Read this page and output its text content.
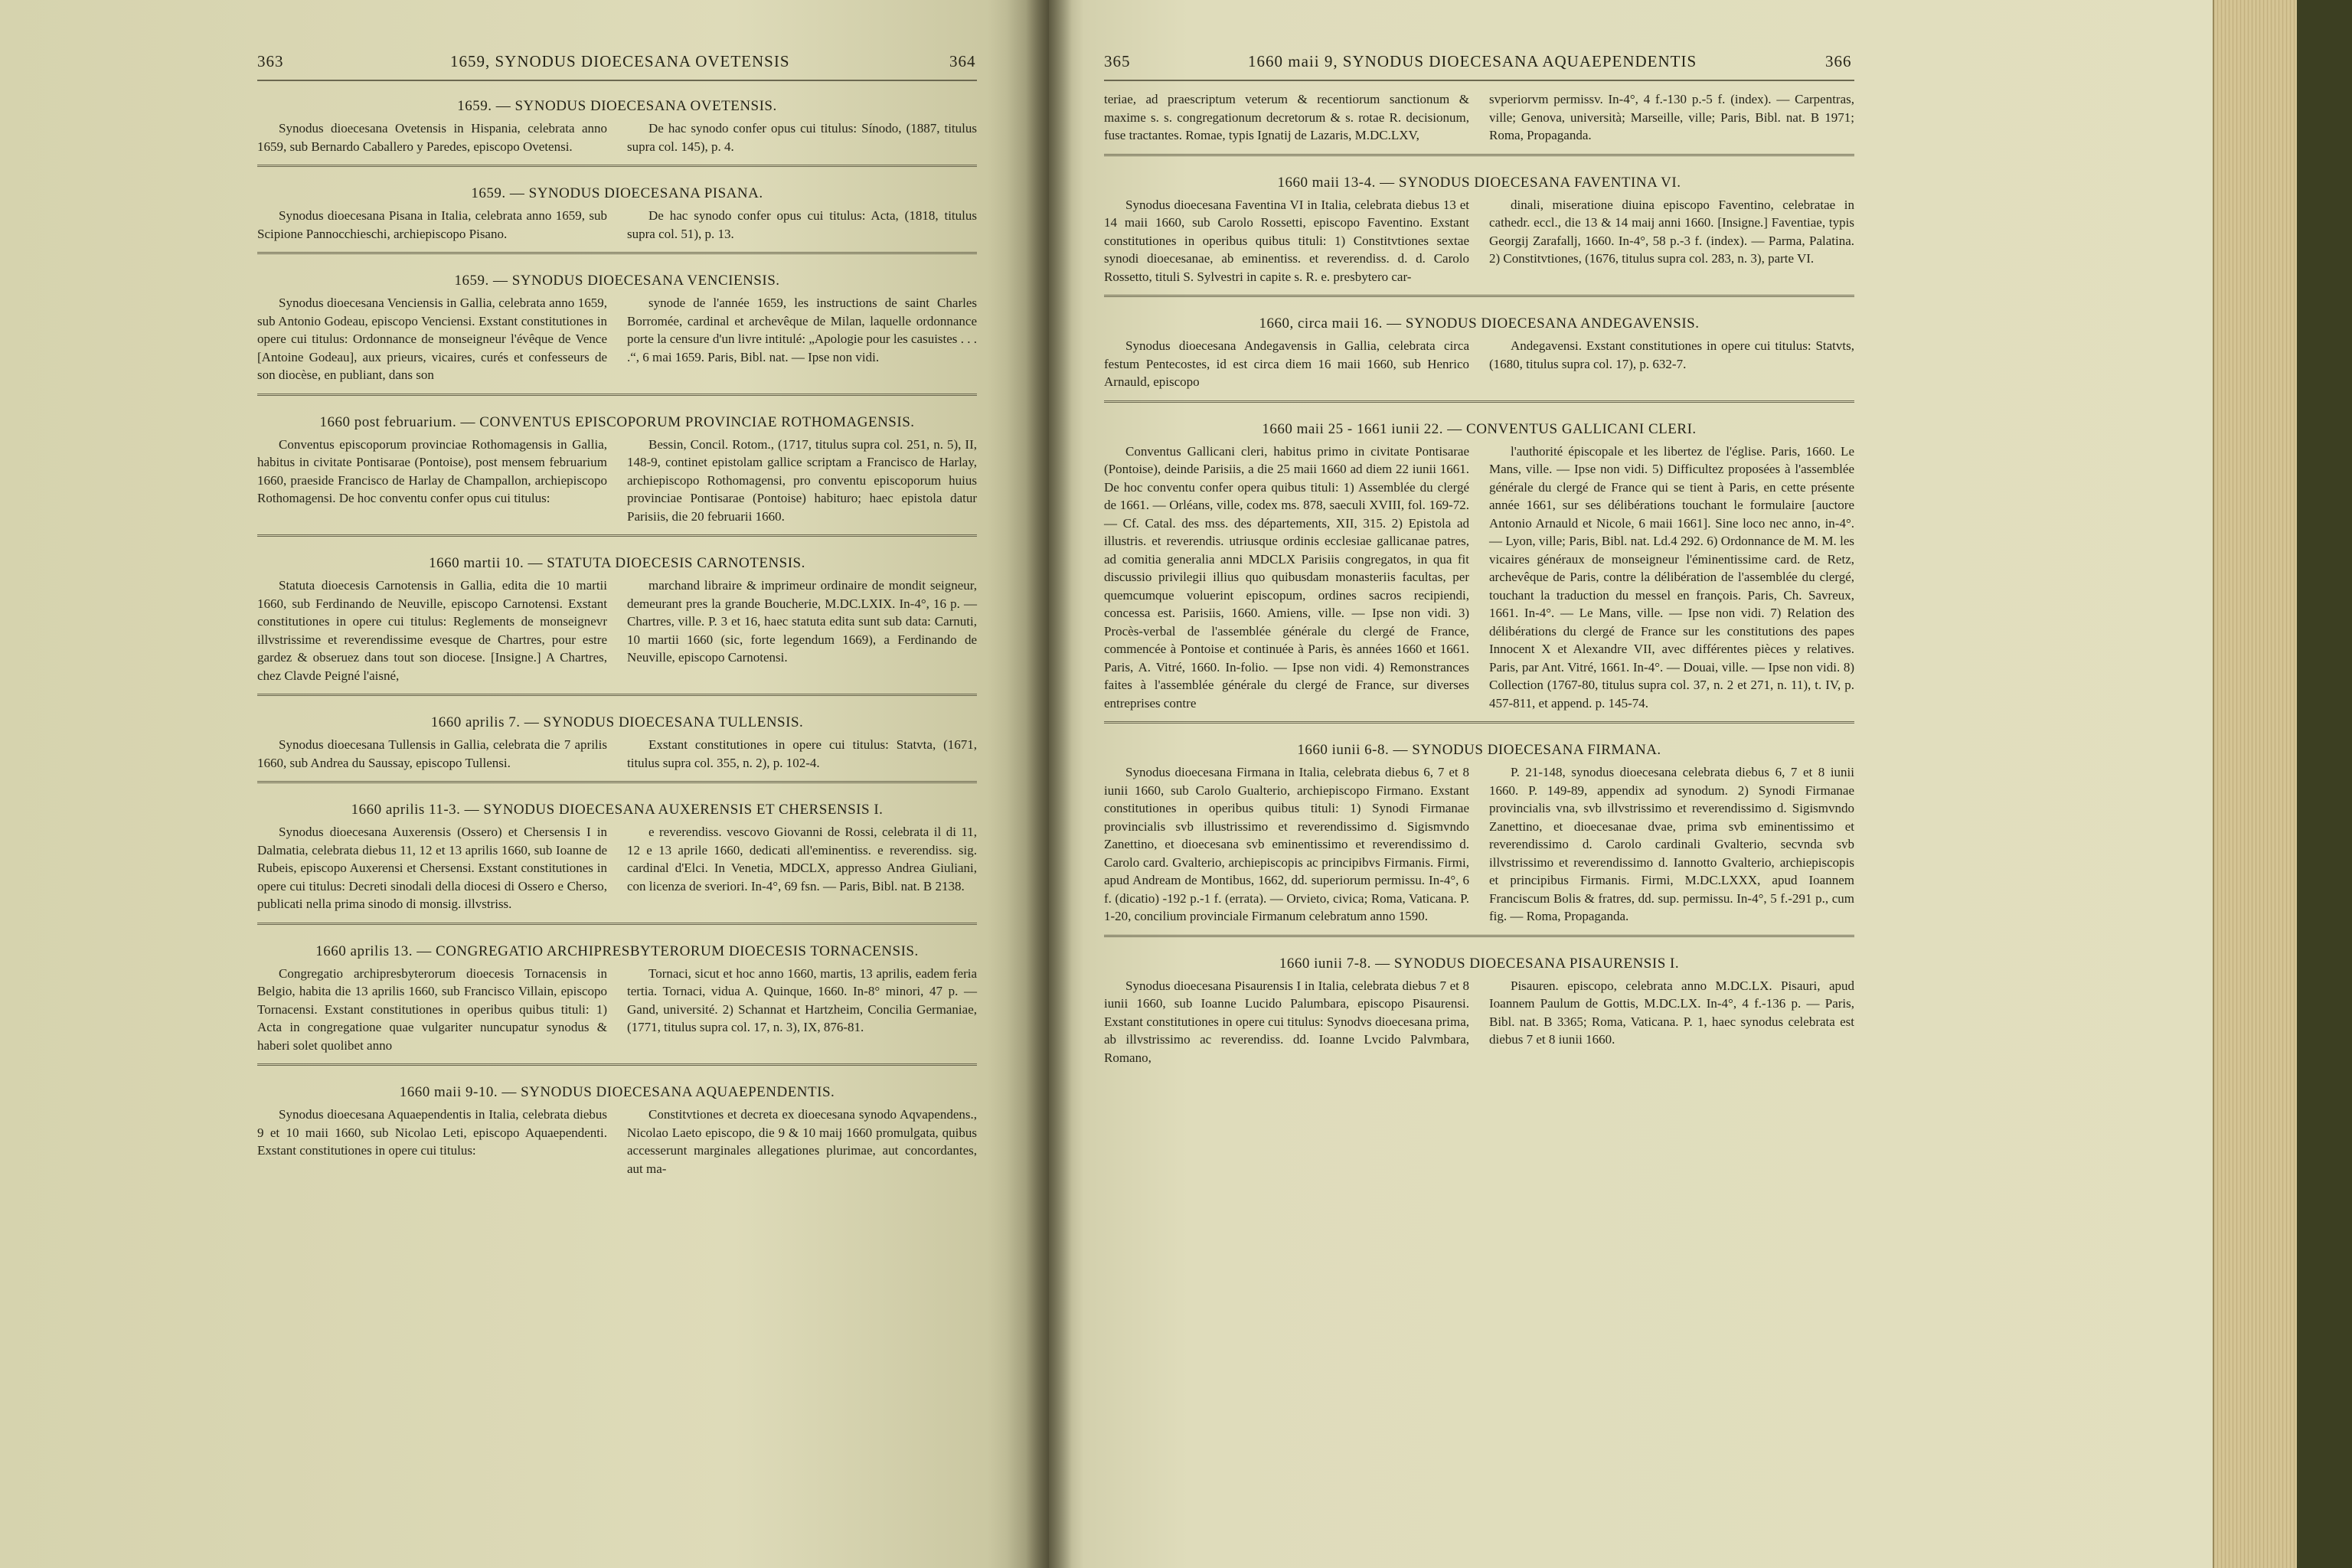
363	1659, SYNODUS DIOECESANA OVETENSIS	364
1659. — SYNODUS DIOECESANA OVETENSIS.

Synodus dioecesana Ovetensis in Hispania, celebrata anno 1659, sub Bernardo Caballero y Paredes, episcopo Ovetensi.

De hac synodo confer opus cui titulus: Sínodo, (1887, titulus supra col. 145), p. 4.

1659. — SYNODUS DIOECESANA PISANA.

Synodus dioecesana Pisana in Italia, celebrata anno 1659, sub Scipione Pannocchieschi, archiepiscopo Pisano.

De hac synodo confer opus cui titulus: Acta, (1818, titulus supra col. 51), p. 13.

1659. — SYNODUS DIOECESANA VENCIENSIS.

Synodus dioecesana Venciensis in Gallia, celebrata anno 1659, sub Antonio Godeau, episcopo Venciensi. Exstant constitutiones in opere cui titulus: Ordonnance de monseigneur l'évêque de Vence [Antoine Godeau], aux prieurs, vicaires, curés et confesseurs de son diocèse, en publiant, dans son

synode de l'année 1659, les instructions de saint Charles Borromée, cardinal et archevêque de Milan, laquelle ordonnance porte la censure d'un livre intitulé: „Apologie pour les casuistes . . . .“, 6 mai 1659. Paris, Bibl. nat. — Ipse non vidi.

1660 post februarium. — CONVENTUS EPISCOPORUM PROVINCIAE ROTHOMAGENSIS.

Conventus episcoporum provinciae Rothomagensis in Gallia, habitus in civitate Pontisarae (Pontoise), post mensem februarium 1660, praeside Francisco de Harlay de Champallon, archiepiscopo Rothomagensi. De hoc conventu confer opus cui titulus:

Bessin, Concil. Rotom., (1717, titulus supra col. 251, n. 5), II, 148-9, continet epistolam gallice scriptam a Francisco de Harlay, archiepiscopo Rothomagensi, pro conventu episcoporum huius provinciae Pontisarae (Pontoise) habituro; haec epistola datur Parisiis, die 20 februarii 1660.

1660 martii 10. — STATUTA DIOECESIS CARNOTENSIS.

Statuta dioecesis Carnotensis in Gallia, edita die 10 martii 1660, sub Ferdinando de Neuville, episcopo Carnotensi. Exstant constitutiones in opere cui titulus: Reglements de monseignevr illvstrissime et reverendissime evesque de Chartres, pour estre gardez & obseruez dans tout son diocese. [Insigne.] A Chartres, chez Clavde Peigné l'aisné,

marchand libraire & imprimeur ordinaire de mondit seigneur, demeurant pres la grande Boucherie, M.DC.LXIX. In-4°, 16 p. — Chartres, ville. P. 3 et 16, haec statuta edita sunt sub data: Carnuti, 10 martii 1660 (sic, forte legendum 1669), a Ferdinando de Neuville, episcopo Carnotensi.

1660 aprilis 7. — SYNODUS DIOECESANA TULLENSIS.

Synodus dioecesana Tullensis in Gallia, celebrata die 7 aprilis 1660, sub Andrea du Saussay, episcopo Tullensi.

Exstant constitutiones in opere cui titulus: Statvta, (1671, titulus supra col. 355, n. 2), p. 102-4.

1660 aprilis 11-3. — SYNODUS DIOECESANA AUXERENSIS ET CHERSENSIS I.

Synodus dioecesana Auxerensis (Ossero) et Chersensis I in Dalmatia, celebrata diebus 11, 12 et 13 aprilis 1660, sub Ioanne de Rubeis, episcopo Auxerensi et Chersensi. Exstant constitutiones in opere cui titulus: Decreti sinodali della diocesi di Ossero e Cherso, publicati nella prima sinodo di monsig. illvstriss.

e reverendiss. vescovo Giovanni de Rossi, celebrata il di 11, 12 e 13 aprile 1660, dedicati all'eminentiss. e reverendiss. sig. cardinal d'Elci. In Venetia, MDCLX, appresso Andrea Giuliani, con licenza de sveriori. In-4°, 69 fsn. — Paris, Bibl. nat. B 2138.

1660 aprilis 13. — CONGREGATIO ARCHIPRESBYTERORUM DIOECESIS TORNACENSIS.

Congregatio archipresbyterorum dioecesis Tornacensis in Belgio, habita die 13 aprilis 1660, sub Francisco Villain, episcopo Tornacensi. Exstant constitutiones in operibus quibus tituli: 1) Acta in congregatione quae vulgariter nuncupatur synodus & haberi solet quolibet anno

Tornaci, sicut et hoc anno 1660, martis, 13 aprilis, eadem feria tertia. Tornaci, vidua A. Quinque, 1660. In-8° minori, 47 p. — Gand, université. 2) Schannat et Hartzheim, Concilia Germaniae, (1771, titulus supra col. 17, n. 3), IX, 876-81.

1660 maii 9-10. — SYNODUS DIOECESANA AQUAEPENDENTIS.

Synodus dioecesana Aquaependentis in Italia, celebrata diebus 9 et 10 maii 1660, sub Nicolao Leti, episcopo Aquaependenti. Exstant constitutiones in opere cui titulus:

Constitvtiones et decreta ex dioecesana synodo Aqvapendens., Nicolao Laeto episcopo, die 9 & 10 maij 1660 promulgata, quibus accesserunt marginales allegationes plurimae, aut concordantes, aut ma-

365	1660 maii 9, SYNODUS DIOECESANA AQUAEPENDENTIS	366

teriae, ad praescriptum veterum & recentiorum sanctionum & maxime s. s. congregationum decretorum & s. rotae R. decisionum, fuse tractantes. Romae, typis Ignatij de Lazaris, M.DC.LXV,

svperiorvm permissv. In-4°, 4 f.-130 p.-5 f. (index). — Carpentras, ville; Genova, università; Marseille, ville; Paris, Bibl. nat. B 1971; Roma, Propaganda.

1660 maii 13-4. — SYNODUS DIOECESANA FAVENTINA VI.

Synodus dioecesana Faventina VI in Italia, celebrata diebus 13 et 14 maii 1660, sub Carolo Rossetti, episcopo Faventino. Exstant constitutiones in operibus quibus tituli: 1) Constitvtiones sextae synodi dioecesanae, ab eminentiss. et reverendiss. d. d. Carolo Rossetto, tituli S. Sylvestri in capite s. R. e. presbytero car-

dinali, miseratione diuina episcopo Faventino, celebratae in cathedr. eccl., die 13 & 14 maij anni 1660. [Insigne.] Faventiae, typis Georgij Zarafallj, 1660. In-4°, 58 p.-3 f. (index). — Parma, Palatina. 2) Constitvtiones, (1676, titulus supra col. 283, n. 3), parte VI.

1660, circa maii 16. — SYNODUS DIOECESANA ANDEGAVENSIS.

Synodus dioecesana Andegavensis in Gallia, celebrata circa festum Pentecostes, id est circa diem 16 maii 1660, sub Henrico Arnauld, episcopo

Andegavensi. Exstant constitutiones in opere cui titulus: Statvts, (1680, titulus supra col. 17), p. 632-7.

1660 maii 25 - 1661 iunii 22. — CONVENTUS GALLICANI CLERI.

Conventus Gallicani cleri, habitus primo in civitate Pontisarae (Pontoise), deinde Parisiis, a die 25 maii 1660 ad diem 22 iunii 1661. De hoc conventu confer opera quibus tituli: 1) Assemblée du clergé de 1661. — Orléans, ville, codex ms. 878, saeculi XVIII, fol. 169-72. — Cf. Catal. des mss. des départements, XII, 315. 2) Epistola ad illustris. et reverendis. utriusque ordinis ecclesiae gallicanae patres, ad comitia generalia anni MDCLX Parisiis congregatos, in qua fit discussio privilegii illius quo quibusdam monasteriis facultas, per quemcumque voluerint episcopum, ordines sacros recipiendi, concessa est. Parisiis, 1660. Amiens, ville. — Ipse non vidi. 3) Procès-verbal de l'assemblée générale du clergé de France, commencée à Pontoise et continuée à Paris, ès années 1660 et 1661. Paris, A. Vitré, 1660. In-folio. — Ipse non vidi. 4) Remonstrances faites à l'assemblée générale du clergé de France, sur diverses entreprises contre

l'authorité épiscopale et les libertez de l'église. Paris, 1660. Le Mans, ville. — Ipse non vidi. 5) Difficultez proposées à l'assemblée générale du clergé de France qui se tient à Paris, en cette présente année 1661, sur ses délibérations touchant le formulaire [auctore Antonio Arnauld et Nicole, 6 maii 1661]. Sine loco nec anno, in-4°. — Lyon, ville; Paris, Bibl. nat. Ld.4 292. 6) Ordonnance de M. M. les vicaires généraux de monseigneur l'éminentissime card. de Retz, archevêque de Paris, contre la délibération de l'assemblée du clergé, touchant la traduction du messel en françois. Paris, Ch. Savreux, 1661. In-4°. — Le Mans, ville. — Ipse non vidi. 7) Relation des délibérations du clergé de France sur les constitutions des papes Innocent X et Alexandre VII, avec différentes pièces y relatives. Paris, par Ant. Vitré, 1661. In-4°. — Douai, ville. — Ipse non vidi. 8) Collection (1767-80, titulus supra col. 37, n. 2 et 271, n. 11), t. IV, p. 457-811, et append. p. 145-74.

1660 iunii 6-8. — SYNODUS DIOECESANA FIRMANA.

Synodus dioecesana Firmana in Italia, celebrata diebus 6, 7 et 8 iunii 1660, sub Carolo Gualterio, archiepiscopo Firmano. Exstant constitutiones in operibus quibus tituli: 1) Synodi Firmanae provincialis svb illustrissimo et reverendissimo d. Sigismvndo Zanettino, et dioecesana svb eminentissimo et reverendissimo d. Carolo card. Gvalterio, archiepiscopis ac principibvs Firmanis. Firmi, apud Andream de Montibus, 1662, dd. superiorum permissu. In-4°, 6 f. (dicatio) -192 p.-1 f. (errata). — Orvieto, civica; Roma, Vaticana. P. 1-20, concilium provinciale Firmanum celebratum anno 1590.

P. 21-148, synodus dioecesana celebrata diebus 6, 7 et 8 iunii 1660. P. 149-89, appendix ad synodum. 2) Synodi Firmanae provincialis vna, svb illvstrissimo et reverendissimo d. Sigismvndo Zanettino, et dioecesanae dvae, prima svb eminentissimo et reverendissimo d. Carolo cardinali Gvalterio, secvnda svb illvstrissimo et reverendissimo d. Iannotto Gvalterio, archiepiscopis et principibus Firmanis. Firmi, M.DC.LXXX, apud Ioannem Franciscum Bolis & fratres, dd. sup. permissu. In-4°, 5 f.-291 p., cum fig. — Roma, Propaganda.

1660 iunii 7-8. — SYNODUS DIOECESANA PISAURENSIS I.

Synodus dioecesana Pisaurensis I in Italia, celebrata diebus 7 et 8 iunii 1660, sub Ioanne Lucido Palumbara, episcopo Pisaurensi. Exstant constitutiones in opere cui titulus: Synodvs dioecesana prima, ab illvstrissimo ac reverendiss. dd. Ioanne Lvcido Palvmbara, Romano,

Pisauren. episcopo, celebrata anno M.DC.LX. Pisauri, apud Ioannem Paulum de Gottis, M.DC.LX. In-4°, 4 f.-136 p. — Paris, Bibl. nat. B 3365; Roma, Vaticana. P. 1, haec synodus celebrata est diebus 7 et 8 iunii 1660.
